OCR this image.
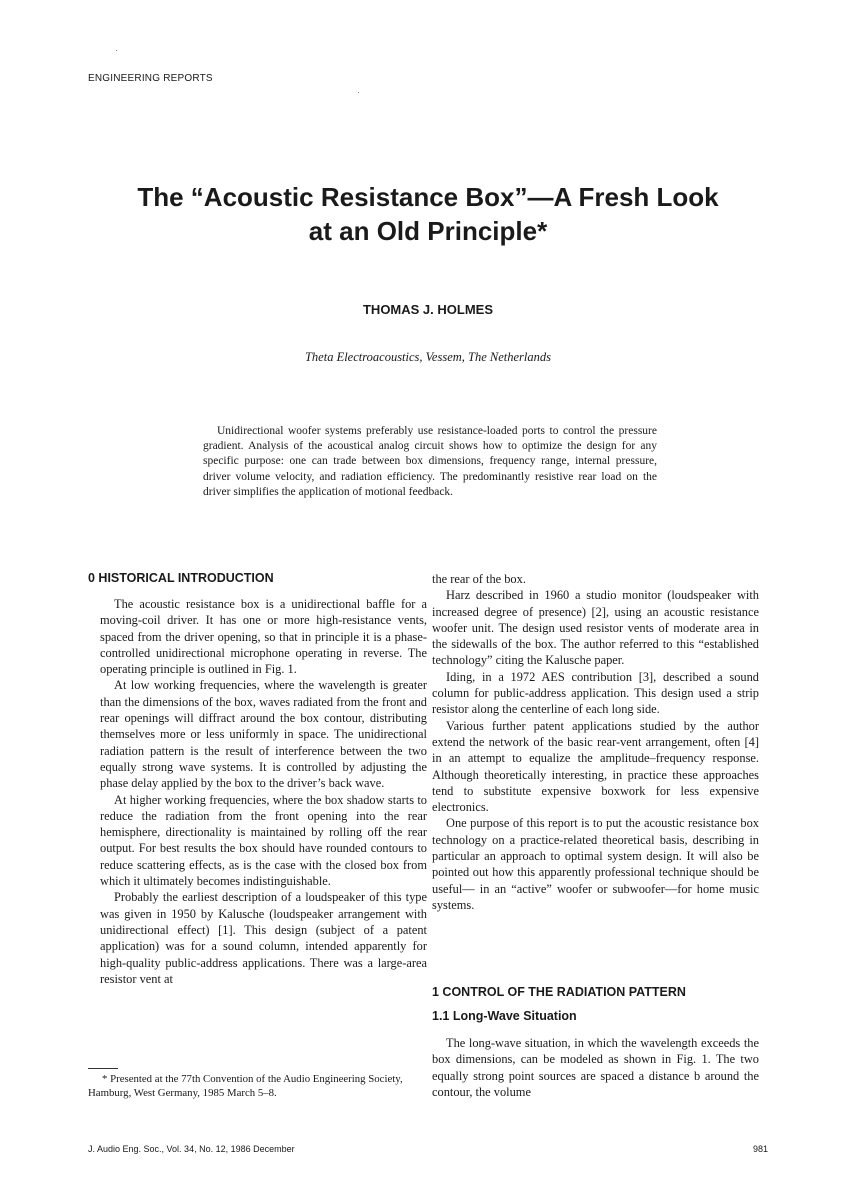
ENGINEERING REPORTS
The “Acoustic Resistance Box”—A Fresh Look
at an Old Principle*
THOMAS J. HOLMES
Theta Electroacoustics, Vessem, The Netherlands
Unidirectional woofer systems preferably use resistance-loaded ports to control the pressure gradient. Analysis of the acoustical analog circuit shows how to optimize the design for any specific purpose: one can trade between box dimensions, frequency range, internal pressure, driver volume velocity, and radiation efficiency. The predominantly resistive rear load on the driver simplifies the application of motional feedback.
0 HISTORICAL INTRODUCTION

The acoustic resistance box is a unidirectional baffle for a moving-coil driver. It has one or more high-resistance vents, spaced from the driver opening, so that in principle it is a phase-controlled unidirectional microphone operating in reverse. The operating principle is outlined in Fig. 1.

At low working frequencies, where the wavelength is greater than the dimensions of the box, waves radiated from the front and rear openings will diffract around the box contour, distributing themselves more or less uniformly in space. The unidirectional radiation pattern is the result of interference between the two equally strong wave systems. It is controlled by adjusting the phase delay applied by the box to the driver’s back wave.

At higher working frequencies, where the box shadow starts to reduce the radiation from the front opening into the rear hemisphere, directionality is maintained by rolling off the rear output. For best results the box should have rounded contours to reduce scattering effects, as is the case with the closed box from which it ultimately becomes indistinguishable.

Probably the earliest description of a loudspeaker of this type was given in 1950 by Kalusche (loudspeaker arrangement with unidirectional effect) [1]. This design (subject of a patent application) was for a sound column, intended apparently for high-quality public-address applications. There was a large-area resistor vent at

the rear of the box.

Harz described in 1960 a studio monitor (loudspeaker with increased degree of presence) [2], using an acoustic resistance woofer unit. The design used resistor vents of moderate area in the sidewalls of the box. The author referred to this “established technology” citing the Kalusche paper.

Iding, in a 1972 AES contribution [3], described a sound column for public-address application. This design used a strip resistor along the centerline of each long side.

Various further patent applications studied by the author extend the network of the basic rear-vent arrangement, often [4] in an attempt to equalize the amplitude–frequency response. Although theoretically interesting, in practice these approaches tend to substitute expensive boxwork for less expensive electronics.

One purpose of this report is to put the acoustic resistance box technology on a practice-related theoretical basis, describing in particular an approach to optimal system design. It will also be pointed out how this apparently professional technique should be useful— in an “active” woofer or subwoofer—for home music systems.

1 CONTROL OF THE RADIATION PATTERN
1.1 Long-Wave Situation

The long-wave situation, in which the wavelength exceeds the box dimensions, can be modeled as shown in Fig. 1. The two equally strong point sources are spaced a distance b around the contour, the volume

* Presented at the 77th Convention of the Audio Engineering Society, Hamburg, West Germany, 1985 March 5–8.

J. Audio Eng. Soc., Vol. 34, No. 12, 1986 December	981
